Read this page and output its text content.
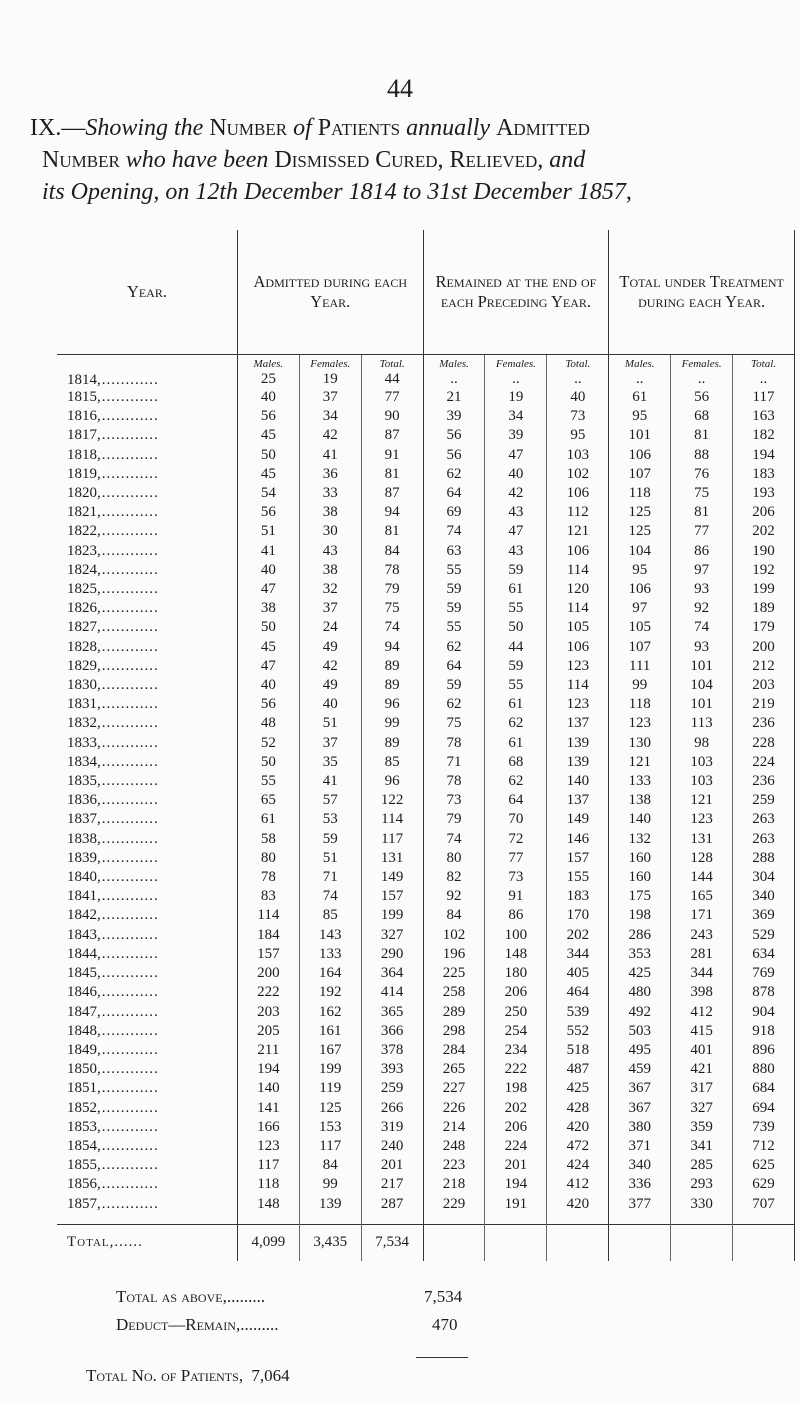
44
IX.—Showing the Number of Patients annually Admitted
Number who have been Dismissed Cured, Relieved, and
its Opening, on 12th December 1814 to 31st December 1857,
Year.	Admitted during each Year.			Remained at the end of each Preceding Year.			Total under Treatment during each Year.		
	Males.	Females.	Total.	Males.	Females.	Total.	Males.	Females.	Total.
1814,............	25	19	44	..	..	..	..	..	..
1815,............	40	37	77	21	19	40	61	56	117
1816,............	56	34	90	39	34	73	95	68	163
1817,............	45	42	87	56	39	95	101	81	182
1818,............	50	41	91	56	47	103	106	88	194
1819,............	45	36	81	62	40	102	107	76	183
1820,............	54	33	87	64	42	106	118	75	193
1821,............	56	38	94	69	43	112	125	81	206
1822,............	51	30	81	74	47	121	125	77	202
1823,............	41	43	84	63	43	106	104	86	190
1824,............	40	38	78	55	59	114	95	97	192
1825,............	47	32	79	59	61	120	106	93	199
1826,............	38	37	75	59	55	114	97	92	189
1827,............	50	24	74	55	50	105	105	74	179
1828,............	45	49	94	62	44	106	107	93	200
1829,............	47	42	89	64	59	123	111	101	212
1830,............	40	49	89	59	55	114	99	104	203
1831,............	56	40	96	62	61	123	118	101	219
1832,............	48	51	99	75	62	137	123	113	236
1833,............	52	37	89	78	61	139	130	98	228
1834,............	50	35	85	71	68	139	121	103	224
1835,............	55	41	96	78	62	140	133	103	236
1836,............	65	57	122	73	64	137	138	121	259
1837,............	61	53	114	79	70	149	140	123	263
1838,............	58	59	117	74	72	146	132	131	263
1839,............	80	51	131	80	77	157	160	128	288
1840,............	78	71	149	82	73	155	160	144	304
1841,............	83	74	157	92	91	183	175	165	340
1842,............	114	85	199	84	86	170	198	171	369
1843,............	184	143	327	102	100	202	286	243	529
1844,............	157	133	290	196	148	344	353	281	634
1845,............	200	164	364	225	180	405	425	344	769
1846,............	222	192	414	258	206	464	480	398	878
1847,............	203	162	365	289	250	539	492	412	904
1848,............	205	161	366	298	254	552	503	415	918
1849,............	211	167	378	284	234	518	495	401	896
1850,............	194	199	393	265	222	487	459	421	880
1851,............	140	119	259	227	198	425	367	317	684
1852,............	141	125	266	226	202	428	367	327	694
1853,............	166	153	319	214	206	420	380	359	739
1854,............	123	117	240	248	224	472	371	341	712
1855,............	117	84	201	223	201	424	340	285	625
1856,............	118	99	217	218	194	412	336	293	629
1857,............	148	139	287	229	191	420	377	330	707

Total,......	4,099	3,435	7,534						
Total as above,.........	7,534
Deduct—Remain,.........	470
Total No. of Patients, 7,064
